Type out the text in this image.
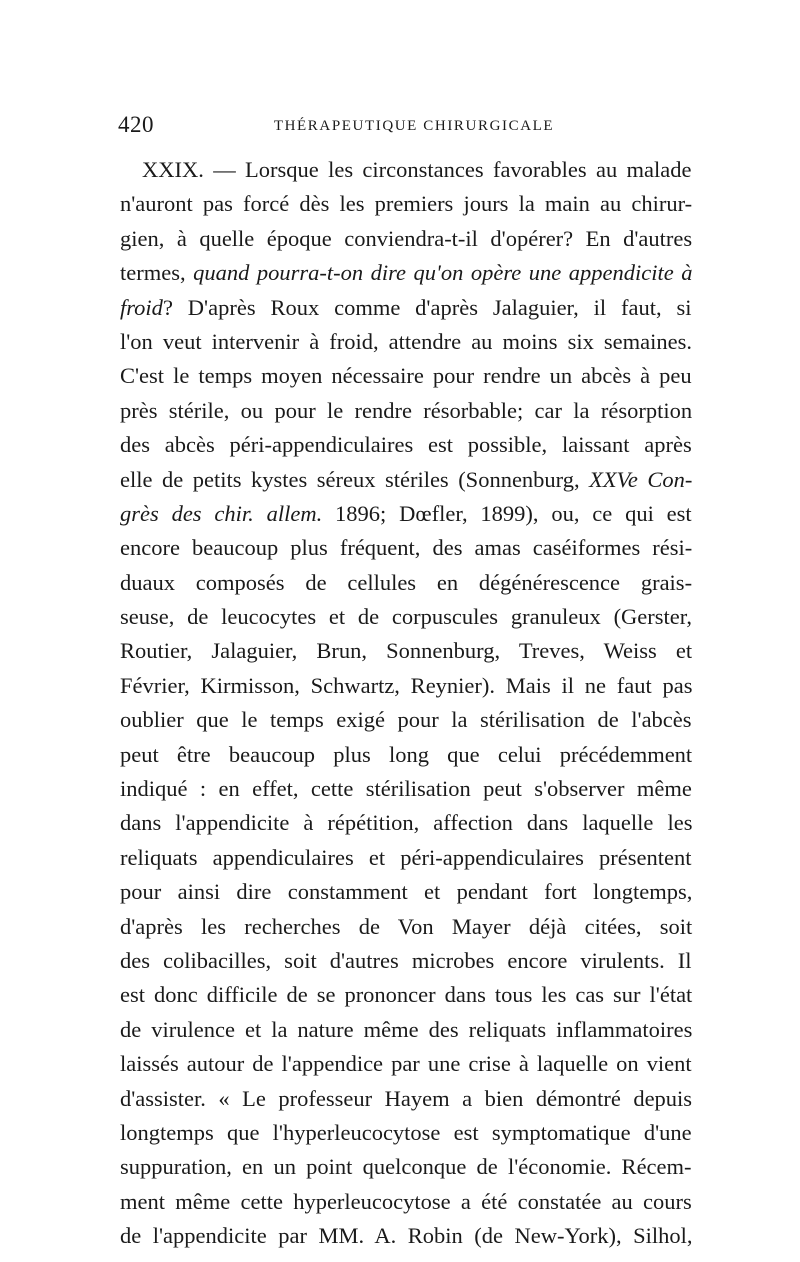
420	THÉRAPEUTIQUE CHIRURGICALE
XXIX. — Lorsque les circonstances favorables au malade
n'auront pas forcé dès les premiers jours la main au chirur-
gien, à quelle époque conviendra-t-il d'opérer? En d'autres
termes, quand pourra-t-on dire qu'on opère une appendicite à
froid? D'après Roux comme d'après Jalaguier, il faut, si
l'on veut intervenir à froid, attendre au moins six semaines.
C'est le temps moyen nécessaire pour rendre un abcès à peu
près stérile, ou pour le rendre résorbable; car la résorption
des abcès péri-appendiculaires est possible, laissant après
elle de petits kystes séreux stériles (Sonnenburg, XXVe Con-
grès des chir. allem. 1896; Dœfler, 1899), ou, ce qui est
encore beaucoup plus fréquent, des amas caséiformes rési-
duaux composés de cellules en dégénérescence grais-
seuse, de leucocytes et de corpuscules granuleux (Gerster,
Routier, Jalaguier, Brun, Sonnenburg, Treves, Weiss et
Février, Kirmisson, Schwartz, Reynier). Mais il ne faut pas
oublier que le temps exigé pour la stérilisation de l'abcès
peut être beaucoup plus long que celui précédemment
indiqué : en effet, cette stérilisation peut s'observer même
dans l'appendicite à répétition, affection dans laquelle les
reliquats appendiculaires et péri-appendiculaires présentent
pour ainsi dire constamment et pendant fort longtemps,
d'après les recherches de Von Mayer déjà citées, soit
des colibacilles, soit d'autres microbes encore virulents. Il
est donc difficile de se prononcer dans tous les cas sur l'état
de virulence et la nature même des reliquats inflammatoires
laissés autour de l'appendice par une crise à laquelle on vient
d'assister. « Le professeur Hayem a bien démontré depuis
longtemps que l'hyperleucocytose est symptomatique d'une
suppuration, en un point quelconque de l'économie. Récem-
ment même cette hyperleucocytose a été constatée au cours
de l'appendicite par MM. A. Robin (de New-York), Silhol,
